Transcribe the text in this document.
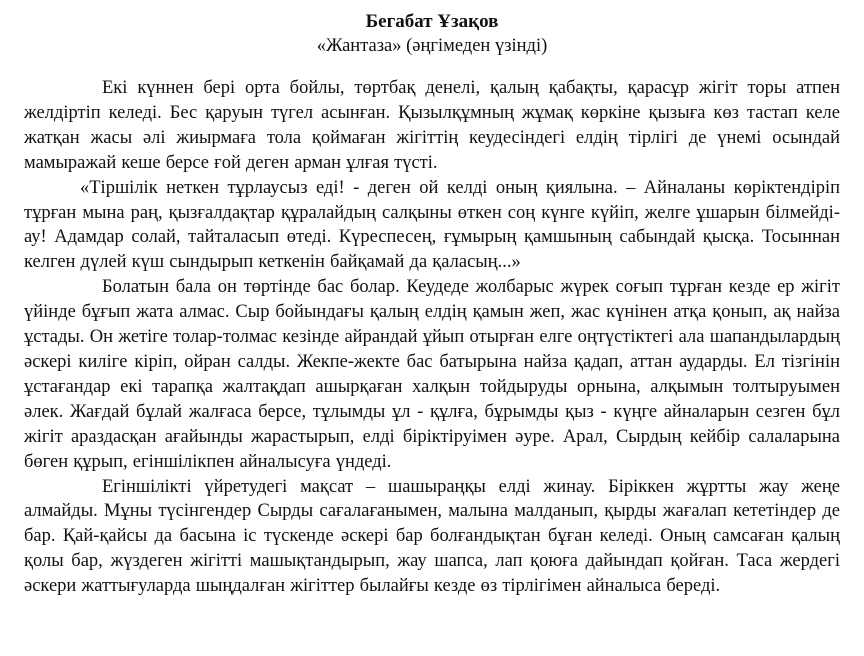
Бегабат Ұзақов

«Жантаза» (әңгімеден үзінді)

Екі күннен бері орта бойлы, төртбақ денелі, қалың қабақты, қарасұр жігіт торы атпен желдіртіп келеді. Бес қаруын түгел асынған. Қызылқұмның жұмақ көркіне қызыға көз тастап келе жатқан жасы әлі жиырмаға тола қоймаған жігіттің кеудесіндегі елдің тірлігі де үнемі осындай мамыражай кеше берсе ғой деген арман ұлғая түсті.

«Тіршілік неткен тұрлаусыз еді! - деген ой келді оның қиялына. – Айналаны көріктендіріп тұрған мына раң, қызғалдақтар құралайдың салқыны өткен соң күнге күйіп, желге ұшарын білмейді-ау! Адамдар солай, тайталасып өтеді. Күреспесең, ғұмырың қамшының сабындай қысқа. Тосыннан келген дүлей күш сындырып кеткенін байқамай да қаласың...»

Болатын бала он төртінде бас болар. Кеудеде жолбарыс жүрек соғып тұрған кезде ер жігіт үйінде бұғып жата алмас. Сыр бойындағы қалың елдің қамын жеп, жас күнінен атқа қонып, ақ найза ұстады. Он жетіге толар-толмас кезінде айрандай ұйып отырған елге оңтүстіктегі ала шапандылардың әскері килігe кіріп, ойран салды. Жекпе-жекте бас батырына найза қадап, аттан аударды. Ел тізгінін ұстағандар екі тарапқа жалтақдап ашырқаған халқын тойдыруды орнына, алқымын толтыруымен әлек. Жағдай бұлай жалғаса берсе, тұлымды ұл - құлға, бұрымды қыз - күңге айналарын сезген бұл жігіт араздасқан ағайынды жарастырып, елді біріктіруімен әуре. Арал, Сырдың кейбір салаларына бөген құрып, егіншілікпен айналысуға үндеді.

Егіншілікті үйретудегі мақсат – шашыраңқы елді жинау. Біріккен жұртты жау жеңе алмайды. Мұны түсінгендер Сырды сағалағанымен, малына малданып, қырды жағалап кететіндер де бар. Қай-қайсы да басына іс түскенде әскері бар болғандықтан бұған келеді. Оның самсаған қалың қолы бар, жүздеген жігітті машықтандырып, жау шапса, лап қоюға дайындап қойған. Таса жердегі әскери жаттығуларда шыңдалған жігіттер былайғы кезде өз тірлігімен айналыса береді.
